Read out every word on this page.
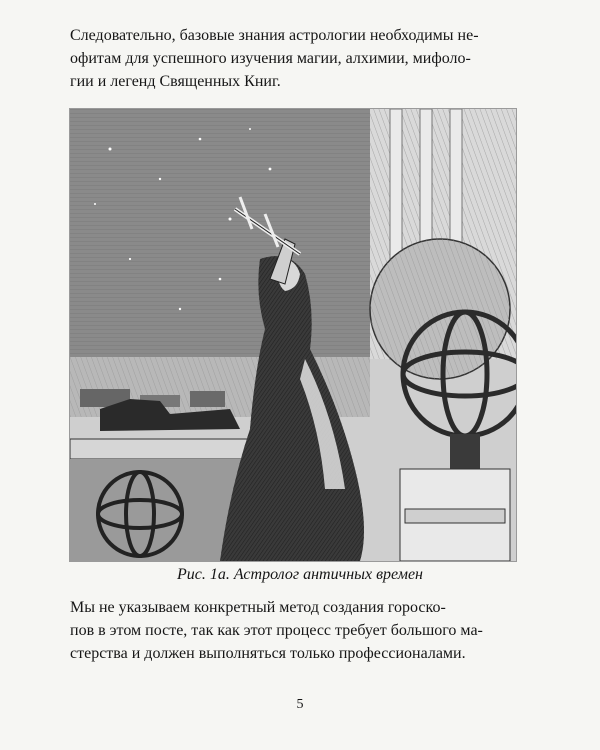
Следовательно, базовые знания астрологии необходимы не-
офитам для успешного изучения магии, алхимии, мифоло-
гии и легенд Священных Книг.

Рис. 1а. Астролог античных времен

Мы не указываем конкретный метод создания гороско-
пов в этом посте, так как этот процесс требует большого ма-
стерства и должен выполняться только профессионалами.

5
